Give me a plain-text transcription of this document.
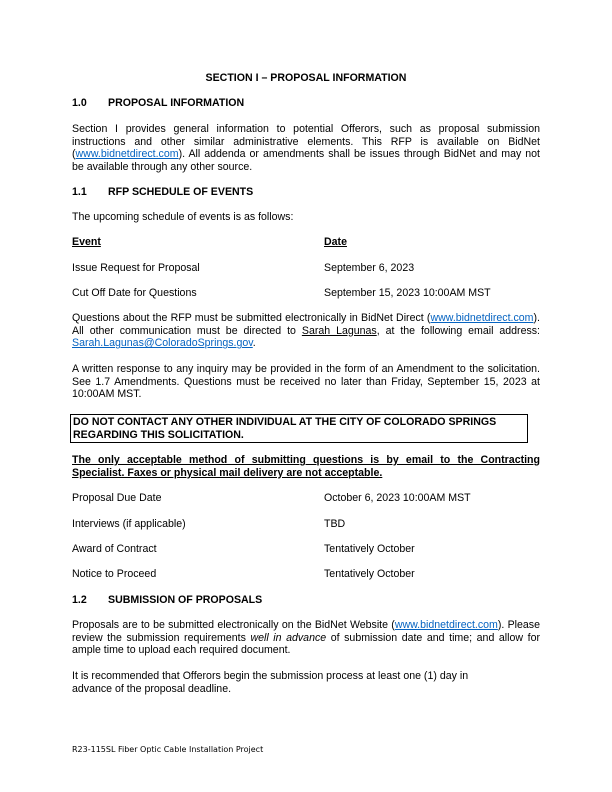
SECTION I – PROPOSAL INFORMATION
1.0 PROPOSAL INFORMATION
Section I provides general information to potential Offerors, such as proposal submission instructions and other similar administrative elements. This RFP is available on BidNet (www.bidnetdirect.com). All addenda or amendments shall be issues through BidNet and may not be available through any other source.
1.1 RFP SCHEDULE OF EVENTS
The upcoming schedule of events is as follows:
Event	Date
Issue Request for Proposal	September 6, 2023
Cut Off Date for Questions	September 15, 2023 10:00AM MST
Questions about the RFP must be submitted electronically in BidNet Direct (www.bidnetdirect.com). All other communication must be directed to Sarah Lagunas, at the following email address: Sarah.Lagunas@ColoradoSprings.gov.
A written response to any inquiry may be provided in the form of an Amendment to the solicitation. See 1.7 Amendments. Questions must be received no later than Friday, September 15, 2023 at 10:00AM MST.
DO NOT CONTACT ANY OTHER INDIVIDUAL AT THE CITY OF COLORADO SPRINGS REGARDING THIS SOLICITATION.
The only acceptable method of submitting questions is by email to the Contracting Specialist. Faxes or physical mail delivery are not acceptable.
Proposal Due Date	October 6, 2023 10:00AM MST
Interviews (if applicable)	TBD
Award of Contract	Tentatively October
Notice to Proceed	Tentatively October
1.2 SUBMISSION OF PROPOSALS
Proposals are to be submitted electronically on the BidNet Website (www.bidnetdirect.com). Please review the submission requirements well in advance of submission date and time; and allow for ample time to upload each required document.
It is recommended that Offerors begin the submission process at least one (1) day in advance of the proposal deadline.
R23-115SL Fiber Optic Cable Installation Project
